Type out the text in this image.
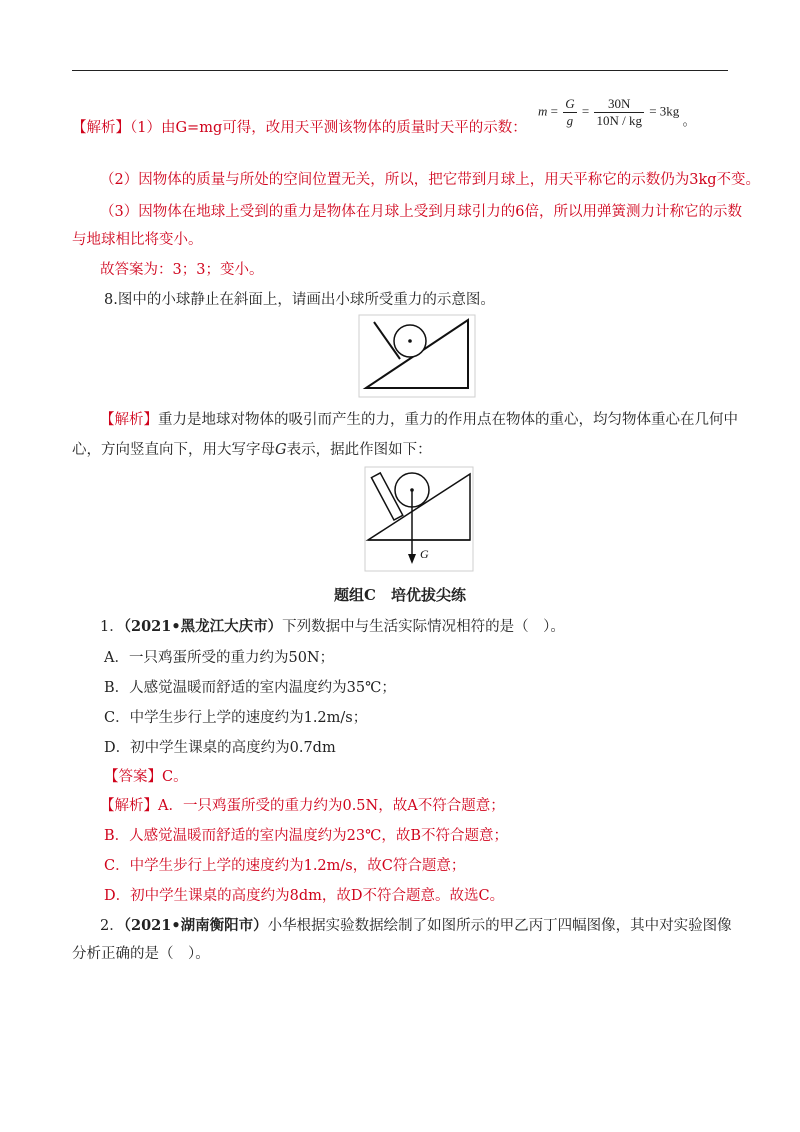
【解析】（1）由G=mg可得，改用天平测该物体的质量时天平的示数：
$m = \frac{G}{g} = \frac{30N}{10N / kg} = 3kg$ 。
（2）因物体的质量与所处的空间位置无关，所以，把它带到月球上，用天平称它的示数仍为3kg不变。
（3）因物体在地球上受到的重力是物体在月球上受到月球引力的6倍，所以用弹簧测力计称它的示数
与地球相比将变小。
故答案为：3；3；变小。
8.图中的小球静止在斜面上，请画出小球所受重力的示意图。
【解析】重力是地球对物体的吸引而产生的力，重力的作用点在物体的重心，均匀物体重心在几何中
心，方向竖直向下，用大写字母G表示，据此作图如下：
G
题组C　培优拔尖练
1．（2021•黑龙江大庆市）下列数据中与生活实际情况相符的是（　）。
A．一只鸡蛋所受的重力约为50N；
B．人感觉温暖而舒适的室内温度约为35℃；
C．中学生步行上学的速度约为1.2m/s；
D．初中学生课桌的高度约为0.7dm
【答案】C。
【解析】A．一只鸡蛋所受的重力约为0.5N，故A不符合题意；
B．人感觉温暖而舒适的室内温度约为23℃，故B不符合题意；
C．中学生步行上学的速度约为1.2m/s，故C符合题意；
D．初中学生课桌的高度约为8dm，故D不符合题意。故选C。
2．（2021•湖南衡阳市）小华根据实验数据绘制了如图所示的甲乙丙丁四幅图像，其中对实验图像
分析正确的是（　）。
